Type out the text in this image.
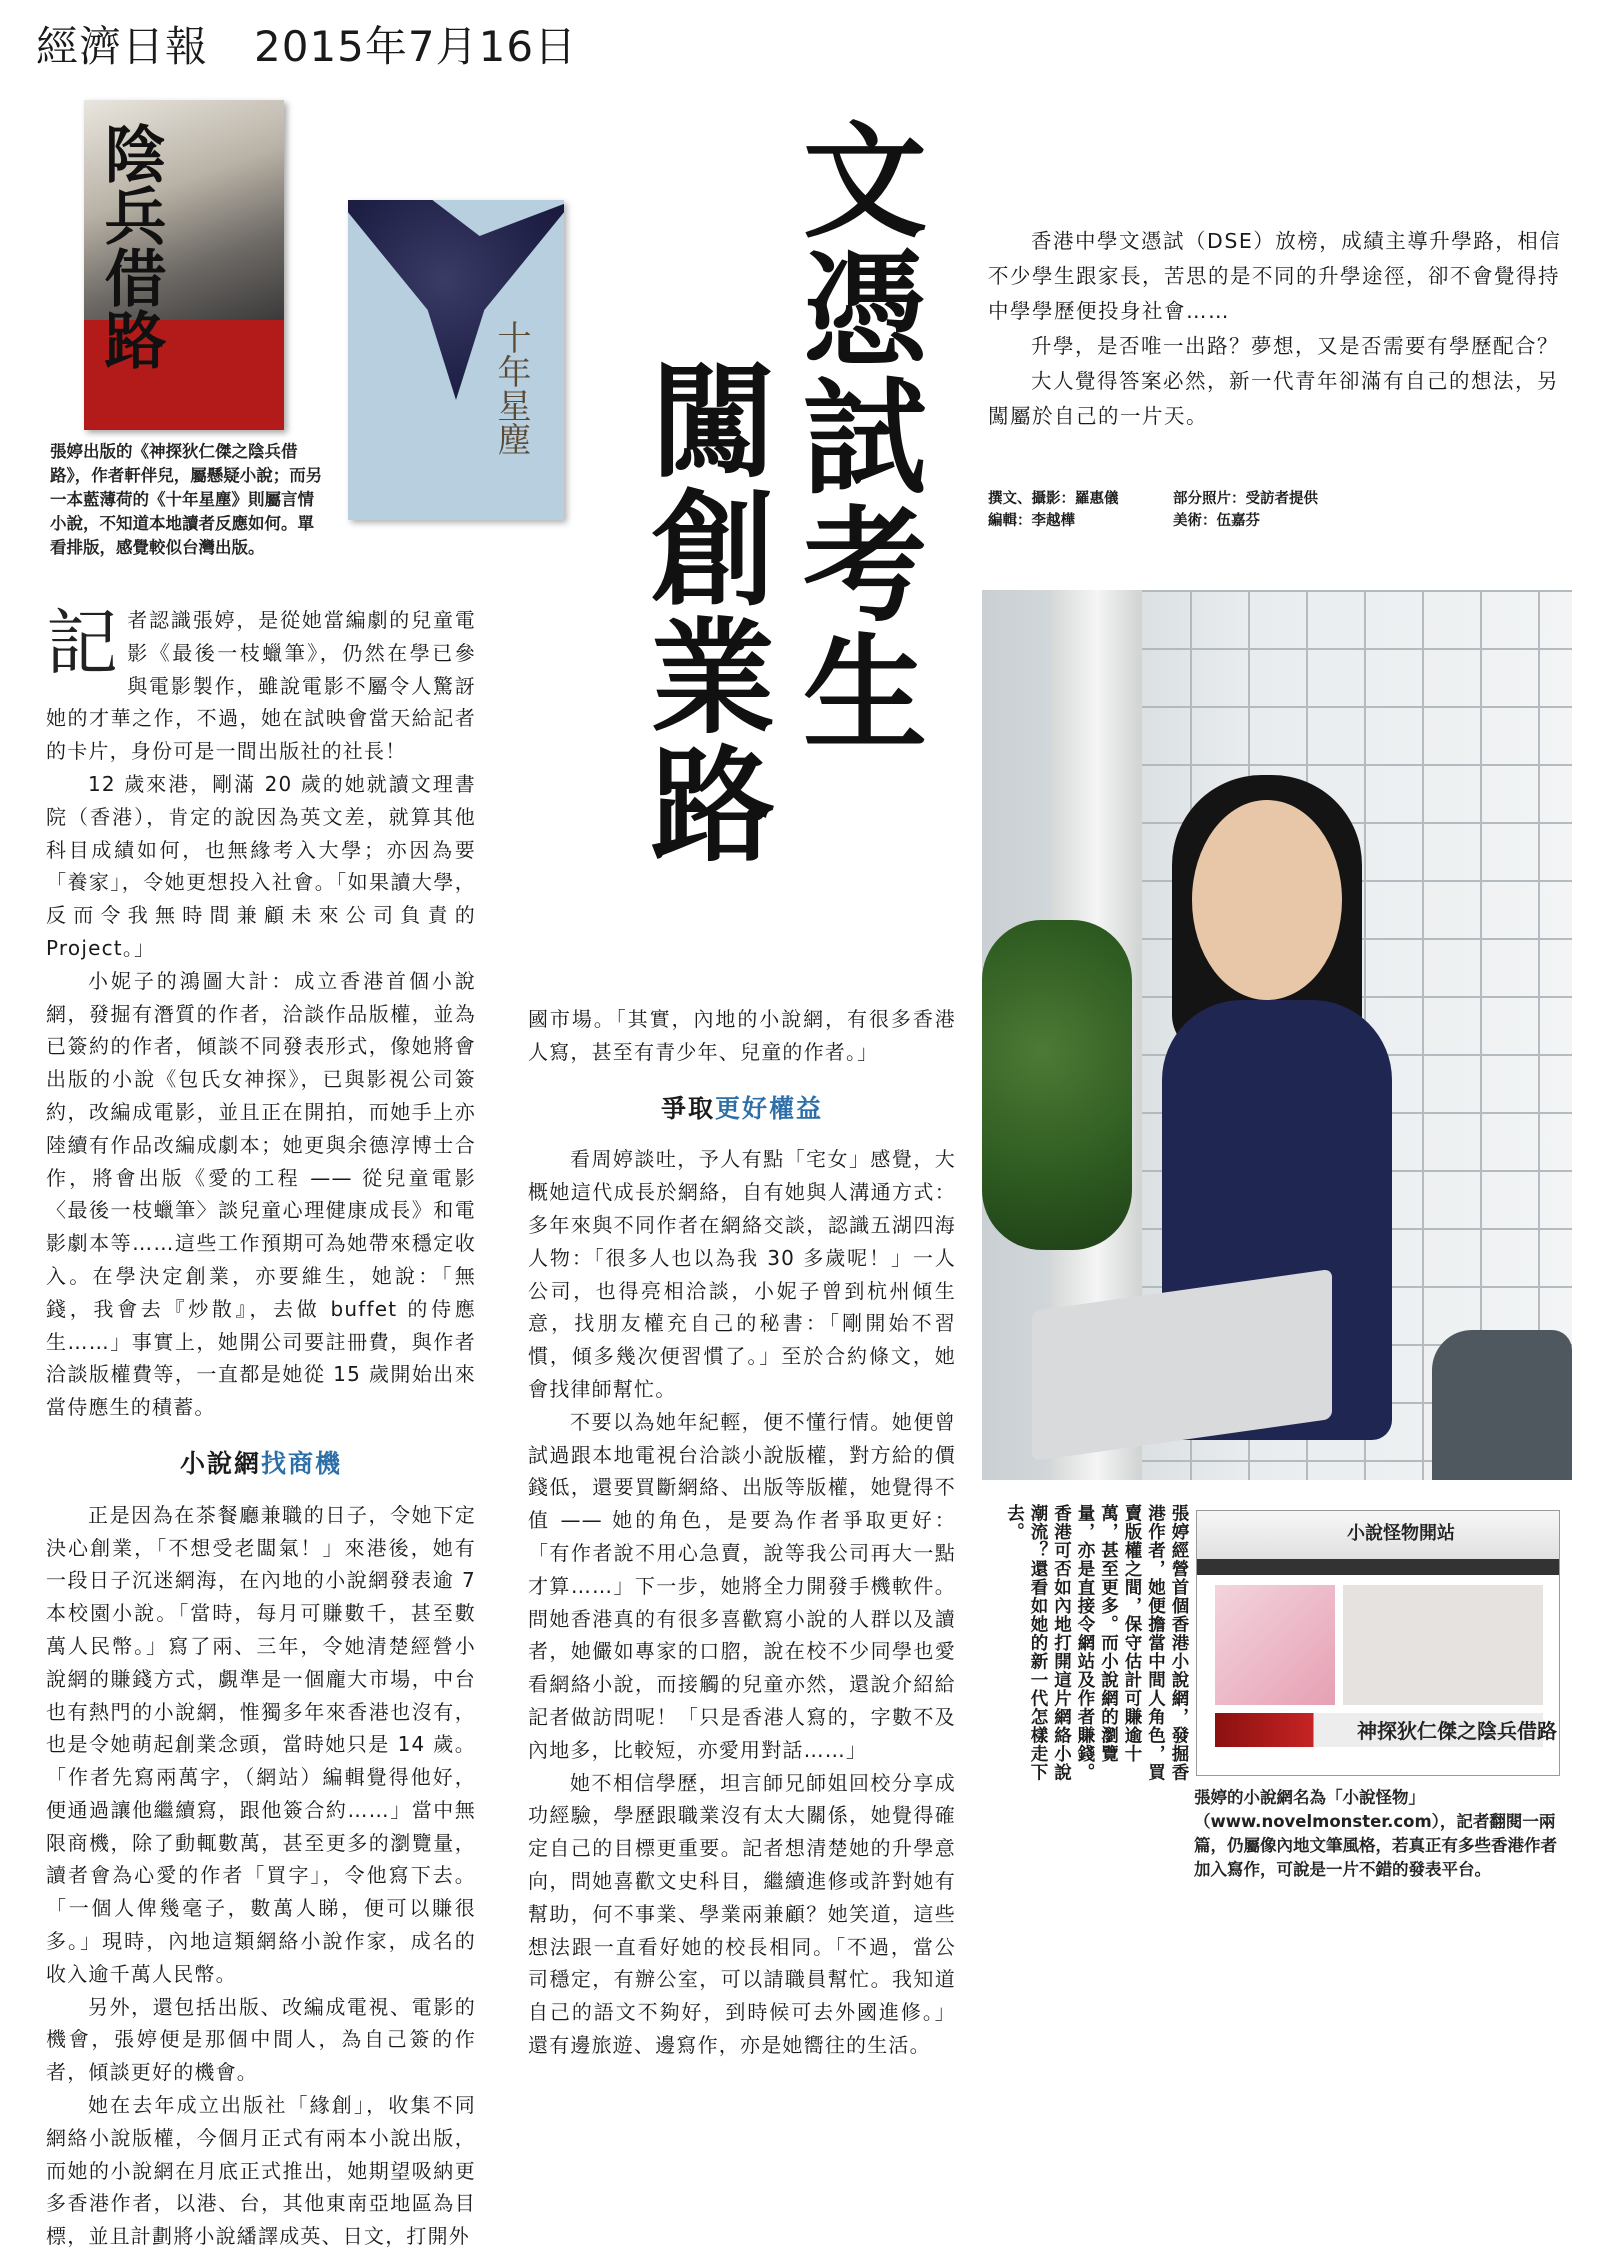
經濟日報 2015年7月16日
陰兵借路
十年星塵
張婷出版的《神探狄仁傑之陰兵借路》，作者軒伴兒，屬懸疑小說；而另一本藍薄荷的《十年星塵》則屬言情小說，不知道本地讀者反應如何。單看排版，感覺較似台灣出版。	文憑試考生
闖創業路

香港中學文憑試（DSE）放榜，成績主導升學路，相信不少學生跟家長，苦思的是不同的升學途徑，卻不會覺得持中學學歷便投身社會……

升學，是否唯一出路？夢想，又是否需要有學歷配合？

大人覺得答案必然，新一代青年卻滿有自己的想法，另闖屬於自己的一片天。

撰文、攝影：羅惠儀	部分照片：受訪者提供
編輯：李越樺	美術：伍嘉芬

記者認識張婷，是從她當編劇的兒童電影《最後一枝蠟筆》，仍然在學已參與電影製作，雖說電影不屬令人驚訝她的才華之作，不過，她在試映會當天給記者的卡片，身份可是一間出版社的社長！

12 歲來港，剛滿 20 歲的她就讀文理書院（香港），肯定的說因為英文差，就算其他科目成績如何，也無緣考入大學；亦因為要「養家」，令她更想投入社會。「如果讀大學，反而令我無時間兼顧未來公司負責的 Project。」

小妮子的鴻圖大計：成立香港首個小說網，發掘有潛質的作者，洽談作品版權，並為已簽約的作者，傾談不同發表形式，像她將會出版的小說《包氏女神探》，已與影視公司簽約，改編成電影，並且正在開拍，而她手上亦陸續有作品改編成劇本；她更與余德淳博士合作，將會出版《愛的工程 —— 從兒童電影〈最後一枝蠟筆〉談兒童心理健康成長》和電影劇本等……這些工作預期可為她帶來穩定收入。在學決定創業，亦要維生，她說：「無錢，我會去『炒散』，去做 buffet 的侍應生……」事實上，她開公司要註冊費，與作者洽談版權費等，一直都是她從 15 歲開始出來當侍應生的積蓄。

小說網找商機

正是因為在茶餐廳兼職的日子，令她下定決心創業，「不想受老闆氣！」來港後，她有一段日子沉迷網海，在內地的小說網發表逾 7 本校園小說。「當時，每月可賺數千，甚至數萬人民幣。」寫了兩、三年，令她清楚經營小說網的賺錢方式，覷準是一個龐大市場，中台也有熱門的小說網，惟獨多年來香港也沒有，也是令她萌起創業念頭，當時她只是 14 歲。「作者先寫兩萬字，（網站）編輯覺得他好，便通過讓他繼續寫，跟他簽合約……」當中無限商機，除了動輒數萬，甚至更多的瀏覽量，讀者會為心愛的作者「買字」，令他寫下去。「一個人俾幾毫子，數萬人睇，便可以賺很多。」現時，內地這類網絡小說作家，成名的收入逾千萬人民幣。

另外，還包括出版、改編成電視、電影的機會，張婷便是那個中間人，為自己簽的作者，傾談更好的機會。

她在去年成立出版社「緣創」，收集不同網絡小說版權，今個月正式有兩本小說出版，而她的小說網在月底正式推出，她期望吸納更多香港作者，以港、台，其他東南亞地區為目標，並且計劃將小說繙譯成英、日文，打開外

國市場。「其實，內地的小說網，有很多香港人寫，甚至有青少年、兒童的作者。」

爭取更好權益

看周婷談吐，予人有點「宅女」感覺，大概她這代成長於網絡，自有她與人溝通方式：多年來與不同作者在網絡交談，認識五湖四海人物：「很多人也以為我 30 多歲呢！」一人公司，也得亮相洽談，小妮子曾到杭州傾生意，找朋友權充自己的秘書：「剛開始不習慣，傾多幾次便習慣了。」至於合約條文，她會找律師幫忙。

不要以為她年紀輕，便不懂行情。她便曾試過跟本地電視台洽談小說版權，對方給的價錢低，還要買斷網絡、出版等版權，她覺得不值 —— 她的角色，是要為作者爭取更好：「有作者說不用心急賣，說等我公司再大一點才算……」下一步，她將全力開發手機軟件。問她香港真的有很多喜歡寫小說的人群以及讀者，她儼如專家的口脗，說在校不少同學也愛看網絡小說，而接觸的兒童亦然，還說介紹給記者做訪問呢！「只是香港人寫的，字數不及內地多，比較短，亦愛用對話……」

她不相信學歷，坦言師兄師姐回校分享成功經驗，學歷跟職業沒有太大關係，她覺得確定自己的目標更重要。記者想清楚她的升學意向，問她喜歡文史科目，繼續進修或許對她有幫助，何不事業、學業兩兼顧？她笑道，這些想法跟一直看好她的校長相同。「不過，當公司穩定，有辦公室，可以請職員幫忙。我知道自己的語文不夠好，到時候可去外國進修。」還有邊旅遊、邊寫作，亦是她嚮往的生活。

張婷經營首個香港小說網，發掘香港作者，她便擔當中間人角色，買賣版權之間，保守估計可賺逾十萬，甚至更多。而小說網的瀏覽量，亦是直接令網站及作者賺錢。香港可否如內地打開這片網絡小說潮流？還看如她的新一代怎樣走下去。	小說怪物開站
神探狄仁傑之陰兵借路
張婷的小說網名為「小說怪物」（www.novelmonster.com），記者翻閱一兩篇，仍屬像內地文筆風格，若真正有多些香港作者加入寫作，可說是一片不錯的發表平台。
